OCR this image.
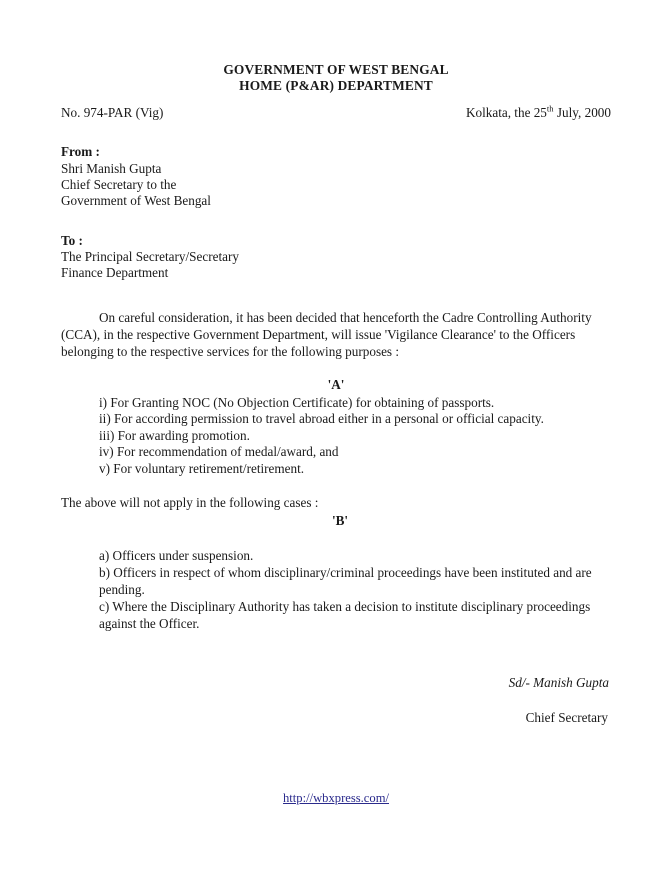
GOVERNMENT OF WEST BENGAL
HOME (P&AR) DEPARTMENT
No. 974-PAR (Vig)	Kolkata, the 25th July, 2000
From :
Shri Manish Gupta
Chief Secretary to the
Government of West Bengal
To :
The Principal Secretary/Secretary
Finance Department

On careful consideration, it has been decided that henceforth the Cadre Controlling Authority (CCA), in the respective Government Department, will issue 'Vigilance Clearance' to the Officers belonging to the respective services for the following purposes :

'A'
i) For Granting NOC (No Objection Certificate) for obtaining of passports.
ii) For according permission to travel abroad either in a personal or official capacity.
iii) For awarding promotion.
iv) For recommendation of medal/award, and
v) For voluntary retirement/retirement.
The above will not apply in the following cases :
'B'
a) Officers under suspension.
b) Officers in respect of whom disciplinary/criminal proceedings have been instituted and are pending.
c) Where the Disciplinary Authority has taken a decision to institute disciplinary proceedings against the Officer.
Sd/- Manish Gupta
Chief Secretary
http://wbxpress.com/
